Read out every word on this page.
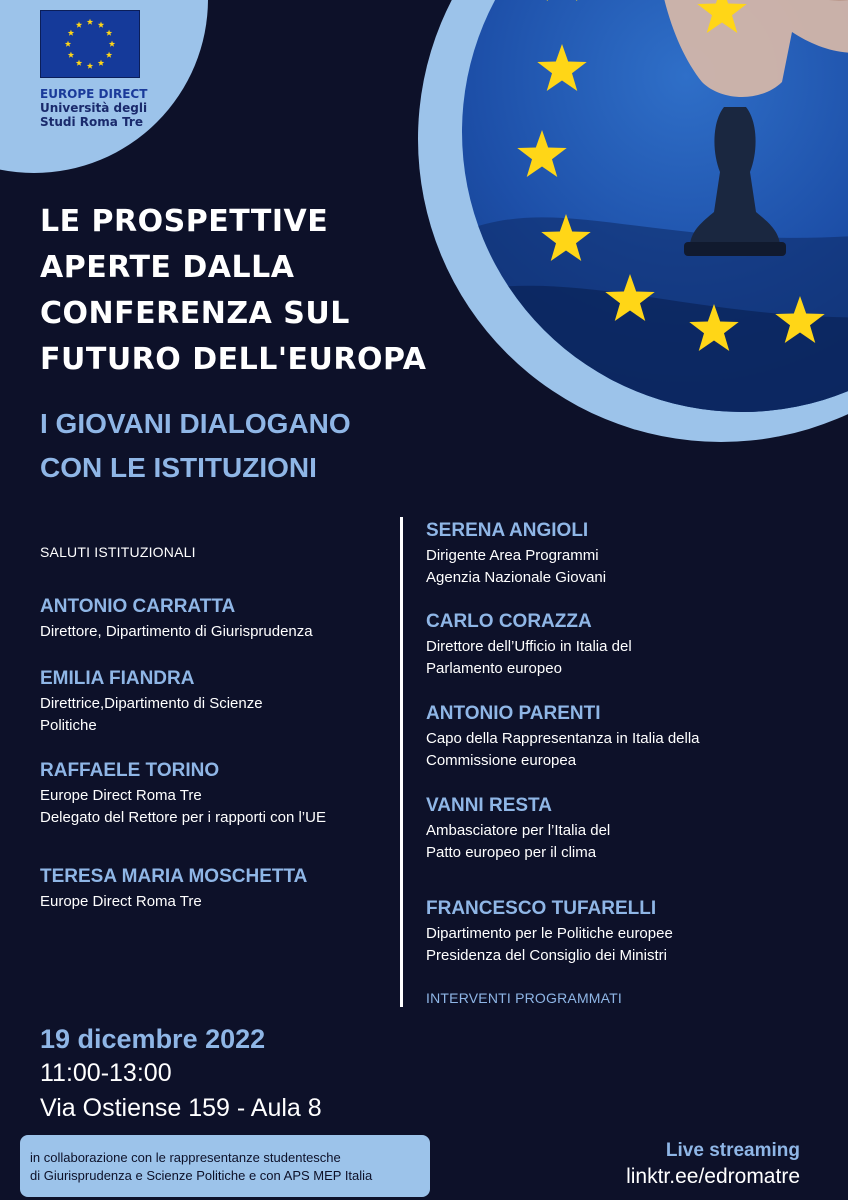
EUROPE DIRECT
Università degli
Studi Roma Tre
LE PROSPETTIVE
APERTE DALLA
CONFERENZA SUL
FUTURO DELL'EUROPA
I GIOVANI DIALOGANO
CON LE ISTITUZIONI
SALUTI ISTITUZIONALI
ANTONIO CARRATTA
Direttore, Dipartimento di Giurisprudenza
EMILIA FIANDRA
Direttrice,Dipartimento di Scienze
Politiche
RAFFAELE TORINO
Europe Direct Roma Tre
Delegato del Rettore per i rapporti con l’UE
TERESA MARIA MOSCHETTA
Europe Direct Roma Tre
SERENA ANGIOLI
Dirigente Area Programmi
Agenzia Nazionale Giovani
CARLO CORAZZA
Direttore dell’Ufficio in Italia del
Parlamento europeo
ANTONIO PARENTI
Capo della Rappresentanza in Italia della
Commissione europea
VANNI RESTA
Ambasciatore per l’Italia del
Patto europeo per il clima
FRANCESCO TUFARELLI
Dipartimento per le Politiche europee
Presidenza del Consiglio dei Ministri
INTERVENTI PROGRAMMATI
19 dicembre 2022
11:00-13:00
Via Ostiense 159 - Aula 8
in collaborazione con le rappresentanze studentesche
di Giurisprudenza e Scienze Politiche e con APS MEP Italia
Live streaming
linktr.ee/edromatre
